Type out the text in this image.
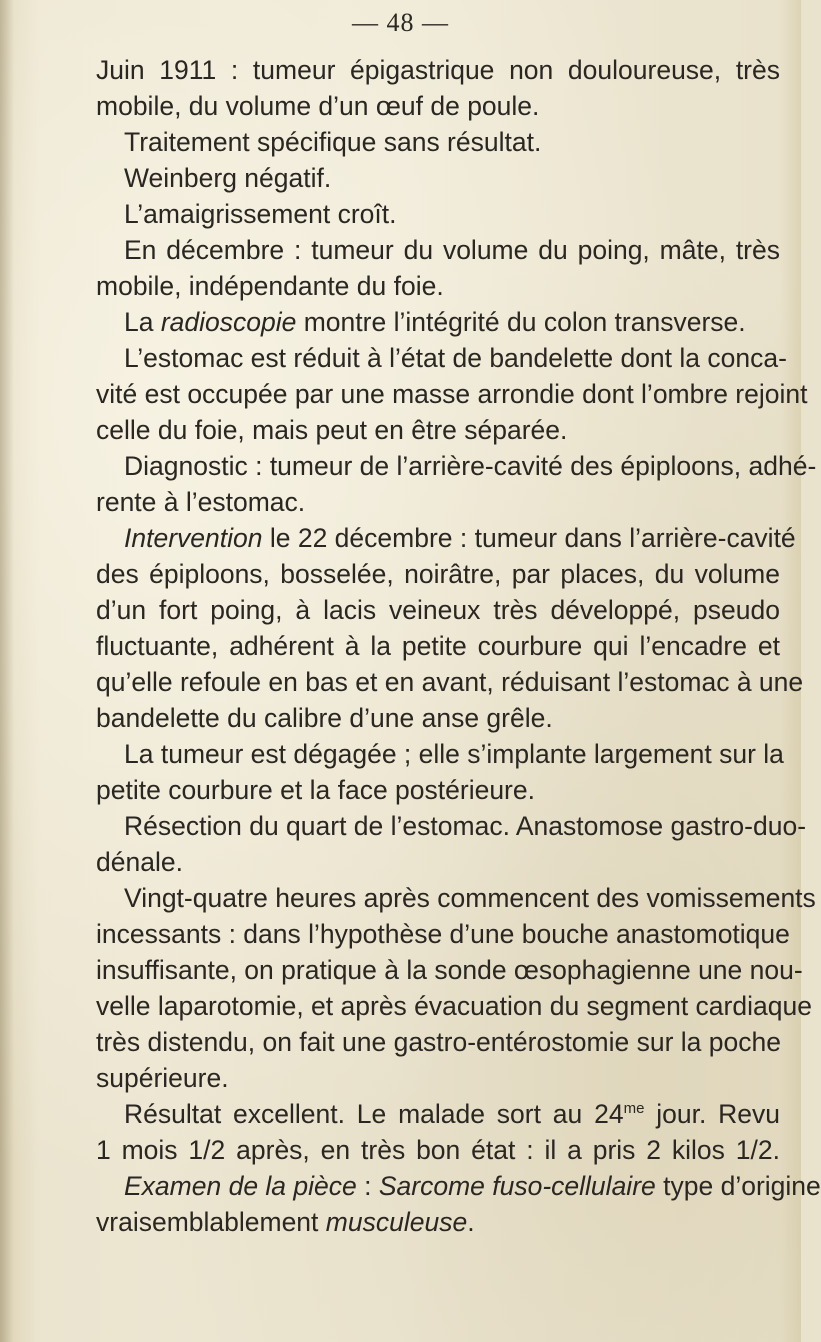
— 48 —
Juin 1911 : tumeur épigastrique non douloureuse, très
mobile, du volume d’un œuf de poule.
Traitement spécifique sans résultat.
Weinberg négatif.
L’amaigrissement croît.
En décembre : tumeur du volume du poing, mâte, très
mobile, indépendante du foie.
La radioscopie montre l’intégrité du colon transverse.
L’estomac est réduit à l’état de bandelette dont la conca-
vité est occupée par une masse arrondie dont l’ombre rejoint
celle du foie, mais peut en être séparée.
Diagnostic : tumeur de l’arrière-cavité des épiploons, adhé-
rente à l’estomac.
Intervention le 22 décembre : tumeur dans l’arrière-cavité
des épiploons, bosselée, noirâtre, par places, du volume
d’un fort poing, à lacis veineux très développé, pseudo
fluctuante, adhérent à la petite courbure qui l’encadre et
qu’elle refoule en bas et en avant, réduisant l’estomac à une
bandelette du calibre d’une anse grêle.
La tumeur est dégagée ; elle s’implante largement sur la
petite courbure et la face postérieure.
Résection du quart de l’estomac. Anastomose gastro-duo-
dénale.
Vingt-quatre heures après commencent des vomissements
incessants : dans l’hypothèse d’une bouche anastomotique
insuffisante, on pratique à la sonde œsophagienne une nou-
velle laparotomie, et après évacuation du segment cardiaque
très distendu, on fait une gastro-entérostomie sur la poche
supérieure.
Résultat excellent. Le malade sort au $24^{me}$ jour. Revu
1 mois 1/2 après, en très bon état : il a pris 2 kilos 1/2.
Examen de la pièce : Sarcome fuso-cellulaire type d’origine
vraisemblablement musculeuse.
